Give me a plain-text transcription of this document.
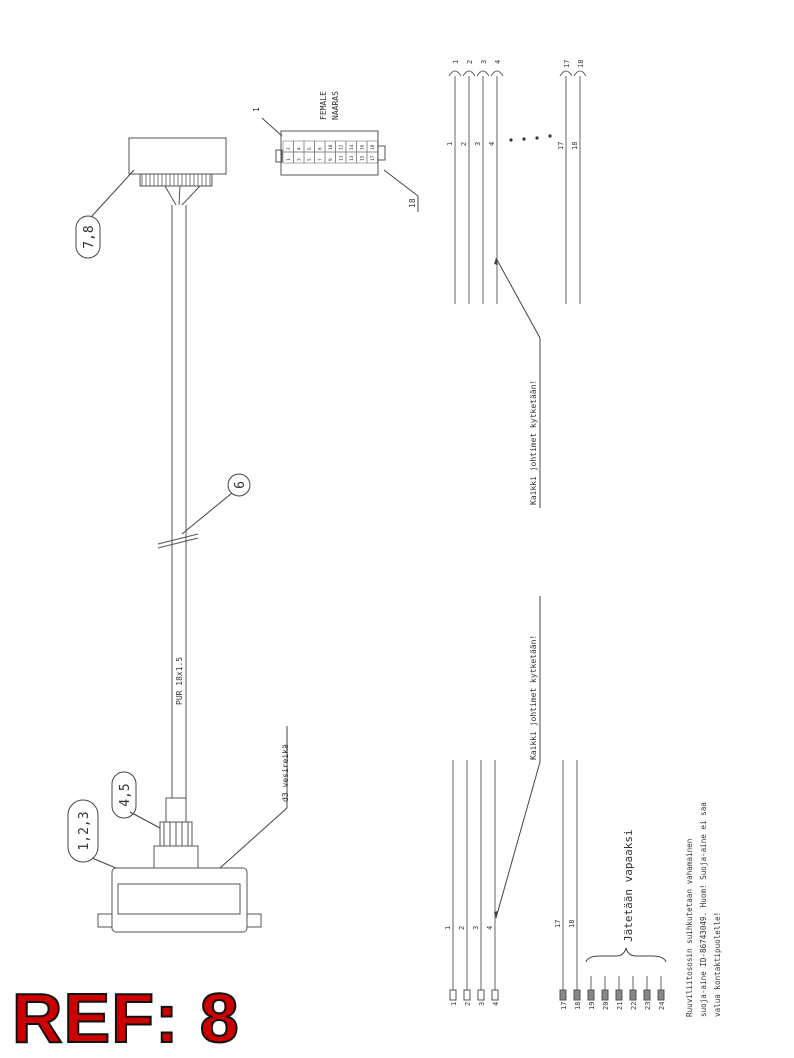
1,2,3
4,5
6
7,8
PUR 18x1.5
d3 vesireikä
2
1
4
3
6
5
8
7
10
9
12
11
14
13
16
15
18
17
FEMALE NAARAS
1
18
1
1
2
2
3
3
4
4
17
17
18
18
Kaikki johtimet kytketään!
1
1
2
2
3
3
4
4
17
17
18
18 19 20 21 22 23 24
Kaikki johtimet kytketään!
Jätetään vapaaksi	Ruuviliitososin suihkutetaan vahamainen suoja-aine ID-86743049. Huom! Suoja-aine ei saa valua kontaktipuolelle!
REF: 8
